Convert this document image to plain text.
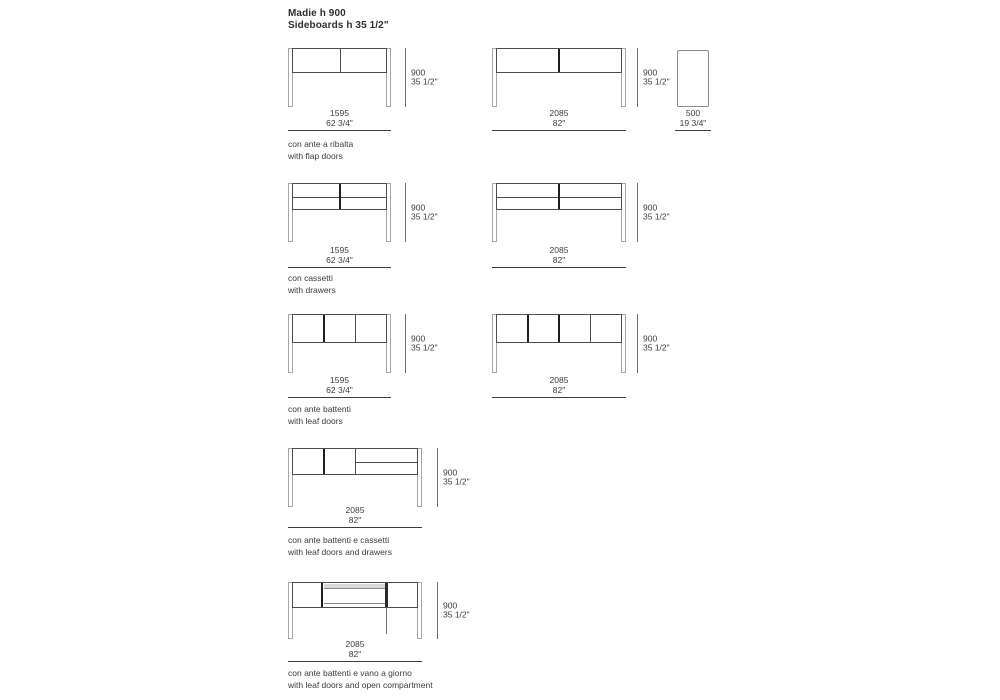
Madie h 900
Sideboards h 35 1/2"
900
35 1/2"
900
35 1/2"
1595
62 3/4"
2085
82"
500
19 3/4"
con ante a ribalta
with flap doors
900
35 1/2"
900
35 1/2"
1595
62 3/4"
2085
82"
con cassetti
with drawers
900
35 1/2"
900
35 1/2"
1595
62 3/4"
2085
82"
con ante battenti
with leaf doors
900
35 1/2"
2085
82"
con ante battenti e cassetti
with leaf doors and drawers
900
35 1/2"
2085
82"
con ante battenti e vano a giorno
with leaf doors and open compartment
